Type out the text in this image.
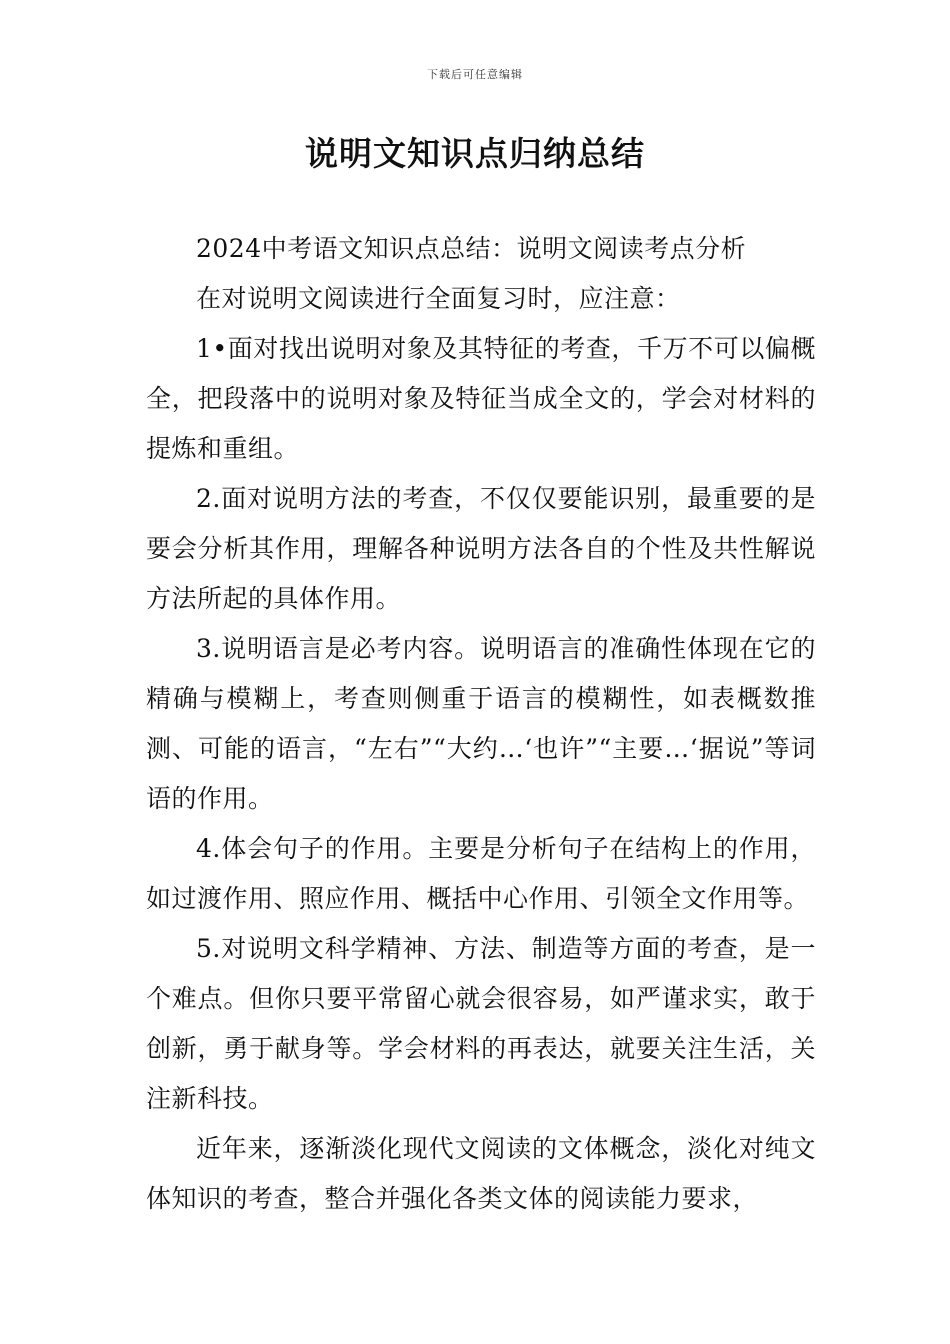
下载后可任意编辑
说明文知识点归纳总结

2024中考语文知识点总结：说明文阅读考点分析

在对说明文阅读进行全面复习时，应注意：

1•面对找出说明对象及其特征的考查，千万不可以偏概全，把段落中的说明对象及特征当成全文的，学会对材料的提炼和重组。

2.面对说明方法的考查，不仅仅要能识别，最重要的是要会分析其作用，理解各种说明方法各自的个性及共性解说方法所起的具体作用。

3.说明语言是必考内容。说明语言的准确性体现在它的精确与模糊上，考查则侧重于语言的模糊性，如表概数推测、可能的语言，“左右”“大约…‘也许”“主要…‘据说”等词语的作用。

4.体会句子的作用。主要是分析句子在结构上的作用，如过渡作用、照应作用、概括中心作用、引领全文作用等。

5.对说明文科学精神、方法、制造等方面的考查，是一个难点。但你只要平常留心就会很容易，如严谨求实，敢于创新，勇于献身等。学会材料的再表达，就要关注生活，关注新科技。

近年来，逐渐淡化现代文阅读的文体概念，淡化对纯文体知识的考查，整合并强化各类文体的阅读能力要求，
